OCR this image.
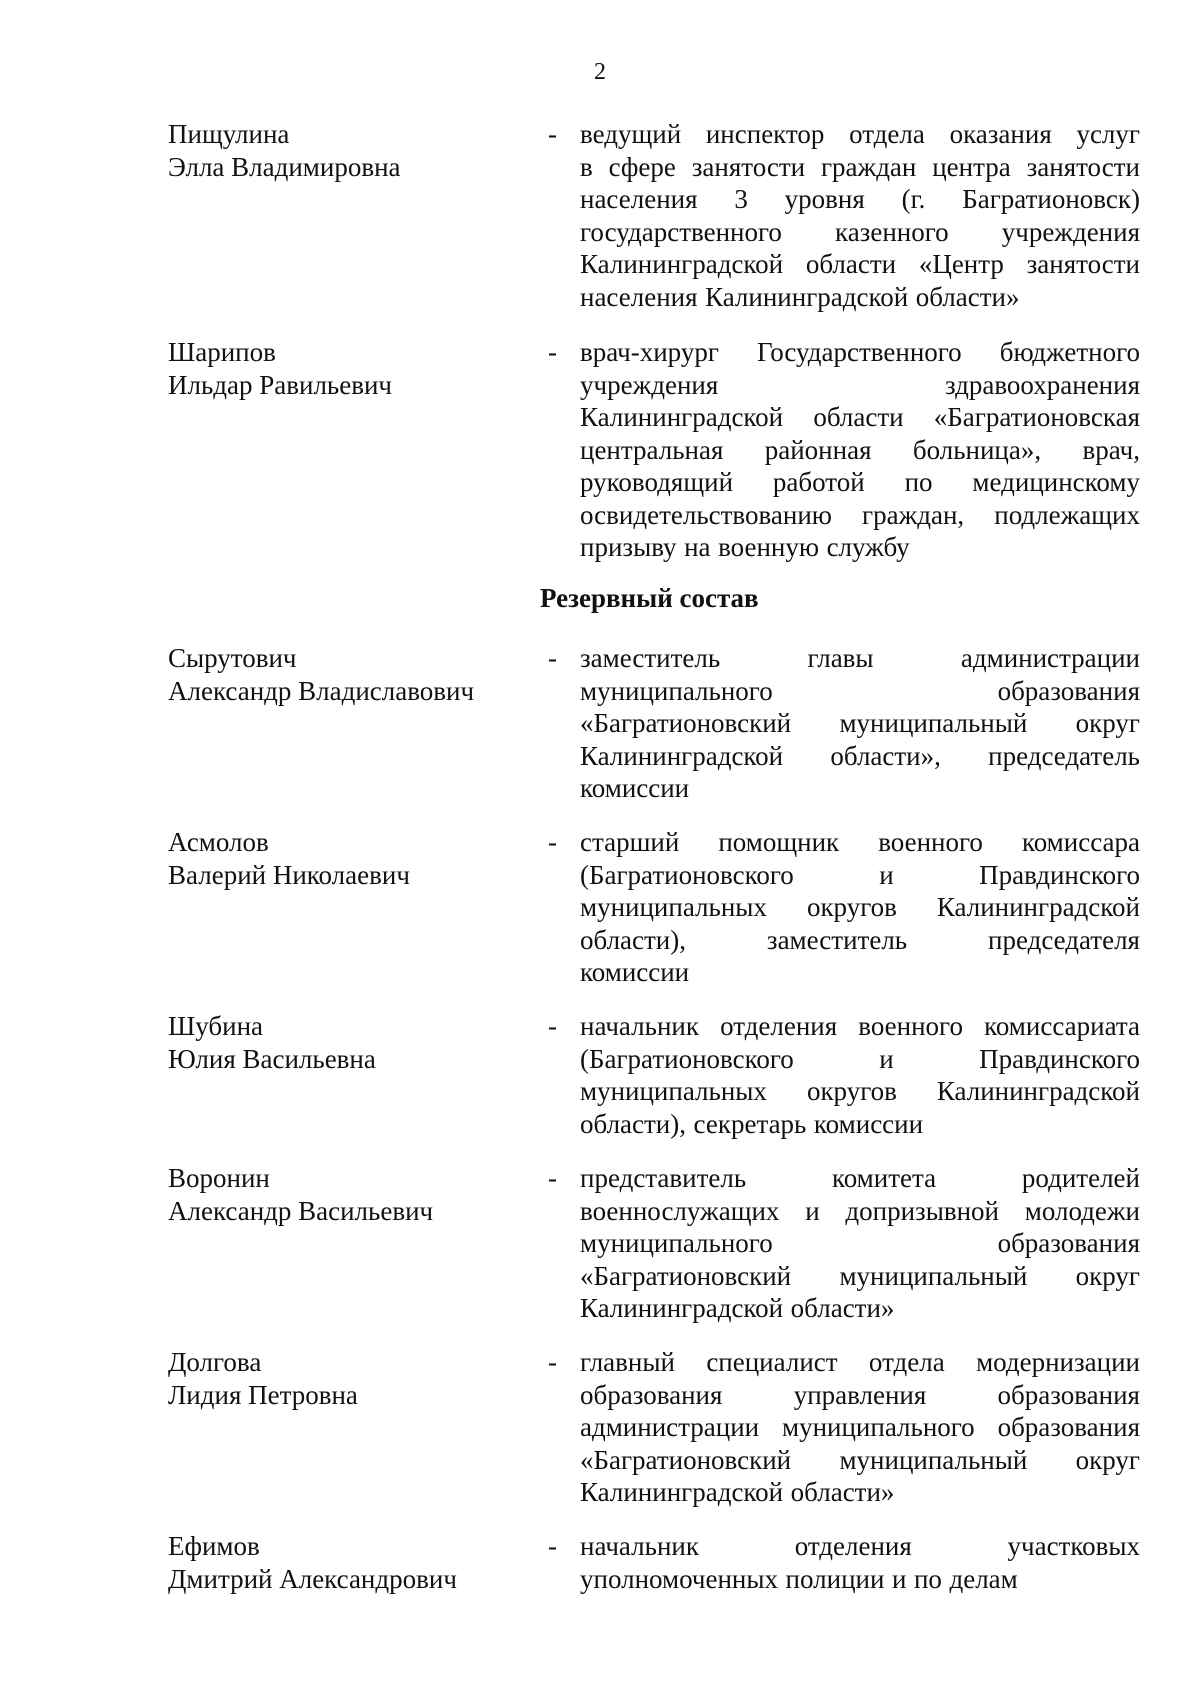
2
Пищулина
Элла Владимировна
- ведущий инспектор отдела оказания услуг
в сфере занятости граждан центра занятости
населения 3 уровня (г. Багратионовск)
государственного казенного учреждения
Калининградской области «Центр занятости
населения Калининградской области»
Шарипов
Ильдар Равильевич
- врач-хирург Государственного бюджетного
учреждения	здравоохранения
Калининградской области «Багратионовская
центральная районная больница», врач,
руководящий работой по медицинскому
освидетельствованию граждан, подлежащих
призыву на военную службу
Сырутович
Александр Владиславович
- заместитель	главы	администрации
муниципального	образования
«Багратионовский муниципальный округ
Калининградской области», председатель
комиссии
Асмолов
Валерий Николаевич
- старший помощник военного комиссара
(Багратионовского	и	Правдинского
муниципальных округов Калининградской
области),	заместитель	председателя
комиссии
Шубина
Юлия Васильевна
- начальник отделения военного комиссариата
(Багратионовского	и	Правдинского
муниципальных округов Калининградской
области), секретарь комиссии
Воронин
Александр Васильевич
- представитель	комитета	родителей
военнослужащих и допризывной молодежи
муниципального	образования
«Багратионовский муниципальный округ
Калининградской области»
Долгова
Лидия Петровна
- главный специалист отдела модернизации
образования	управления	образования
администрации муниципального образования
«Багратионовский муниципальный округ
Калининградской области»
Ефимов
Дмитрий Александрович
- начальник	отделения	участковых
уполномоченных полиции и по делам
Резервный состав
